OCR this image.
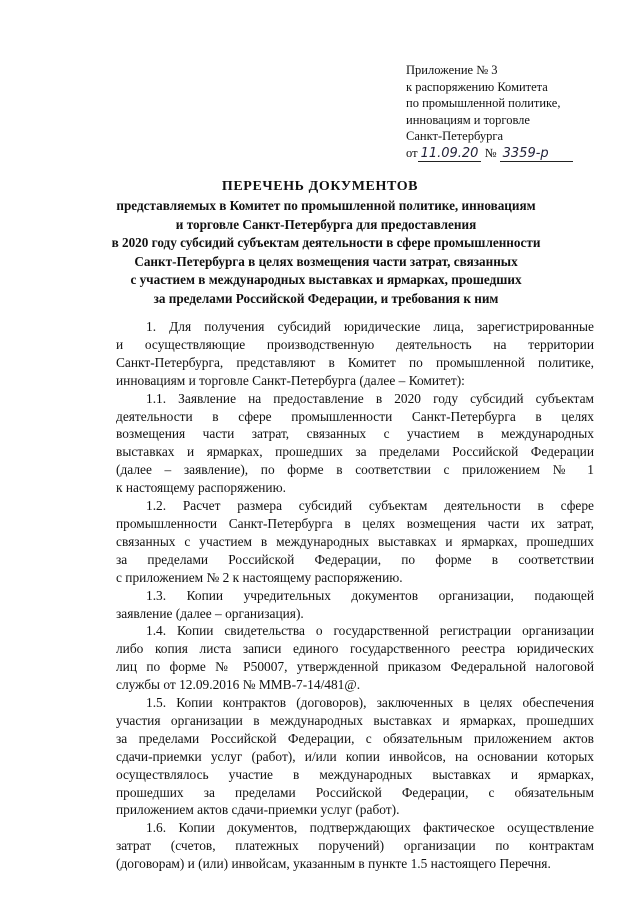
Приложение № 3
к распоряжению Комитета
по промышленной политике,
инновациям и торговле
Санкт-Петербурга
от 11.09.20 № 3359-р
ПЕРЕЧЕНЬ ДОКУМЕНТОВ
представляемых в Комитет по промышленной политике, инновациям
и торговле Санкт-Петербурга для предоставления
в 2020 году субсидий субъектам деятельности в сфере промышленности
Санкт-Петербурга в целях возмещения части затрат, связанных
с участием в международных выставках и ярмарках, прошедших
за пределами Российской Федерации, и требования к ним

1. Для получения субсидий юридические лица, зарегистрированные
и осуществляющие производственную деятельность на территории
Санкт-Петербурга, представляют в Комитет по промышленной политике,
инновациям и торговле Санкт-Петербурга (далее – Комитет):

1.1. Заявление на предоставление в 2020 году субсидий субъектам
деятельности в сфере промышленности Санкт-Петербурга в целях
возмещения части затрат, связанных с участием в международных
выставках и ярмарках, прошедших за пределами Российской Федерации
(далее – заявление), по форме в соответствии с приложением № 1
к настоящему распоряжению.

1.2. Расчет размера субсидий субъектам деятельности в сфере
промышленности Санкт-Петербурга в целях возмещения части их затрат,
связанных с участием в международных выставках и ярмарках, прошедших
за пределами Российской Федерации, по форме в соответствии
с приложением № 2 к настоящему распоряжению.

1.3. Копии учредительных документов организации, подающей
заявление (далее – организация).

1.4. Копии свидетельства о государственной регистрации организации
либо копия листа записи единого государственного реестра юридических
лиц по форме № Р50007, утвержденной приказом Федеральной налоговой
службы от 12.09.2016 № ММВ-7-14/481@.

1.5. Копии контрактов (договоров), заключенных в целях обеспечения
участия организации в международных выставках и ярмарках, прошедших
за пределами Российской Федерации, с обязательным приложением актов
сдачи-приемки услуг (работ), и/или копии инвойсов, на основании которых
осуществлялось участие в международных выставках и ярмарках,
прошедших за пределами Российской Федерации, с обязательным
приложением актов сдачи-приемки услуг (работ).

1.6. Копии документов, подтверждающих фактическое осуществление
затрат (счетов, платежных поручений) организации по контрактам
(договорам) и (или) инвойсам, указанным в пункте 1.5 настоящего Перечня.
